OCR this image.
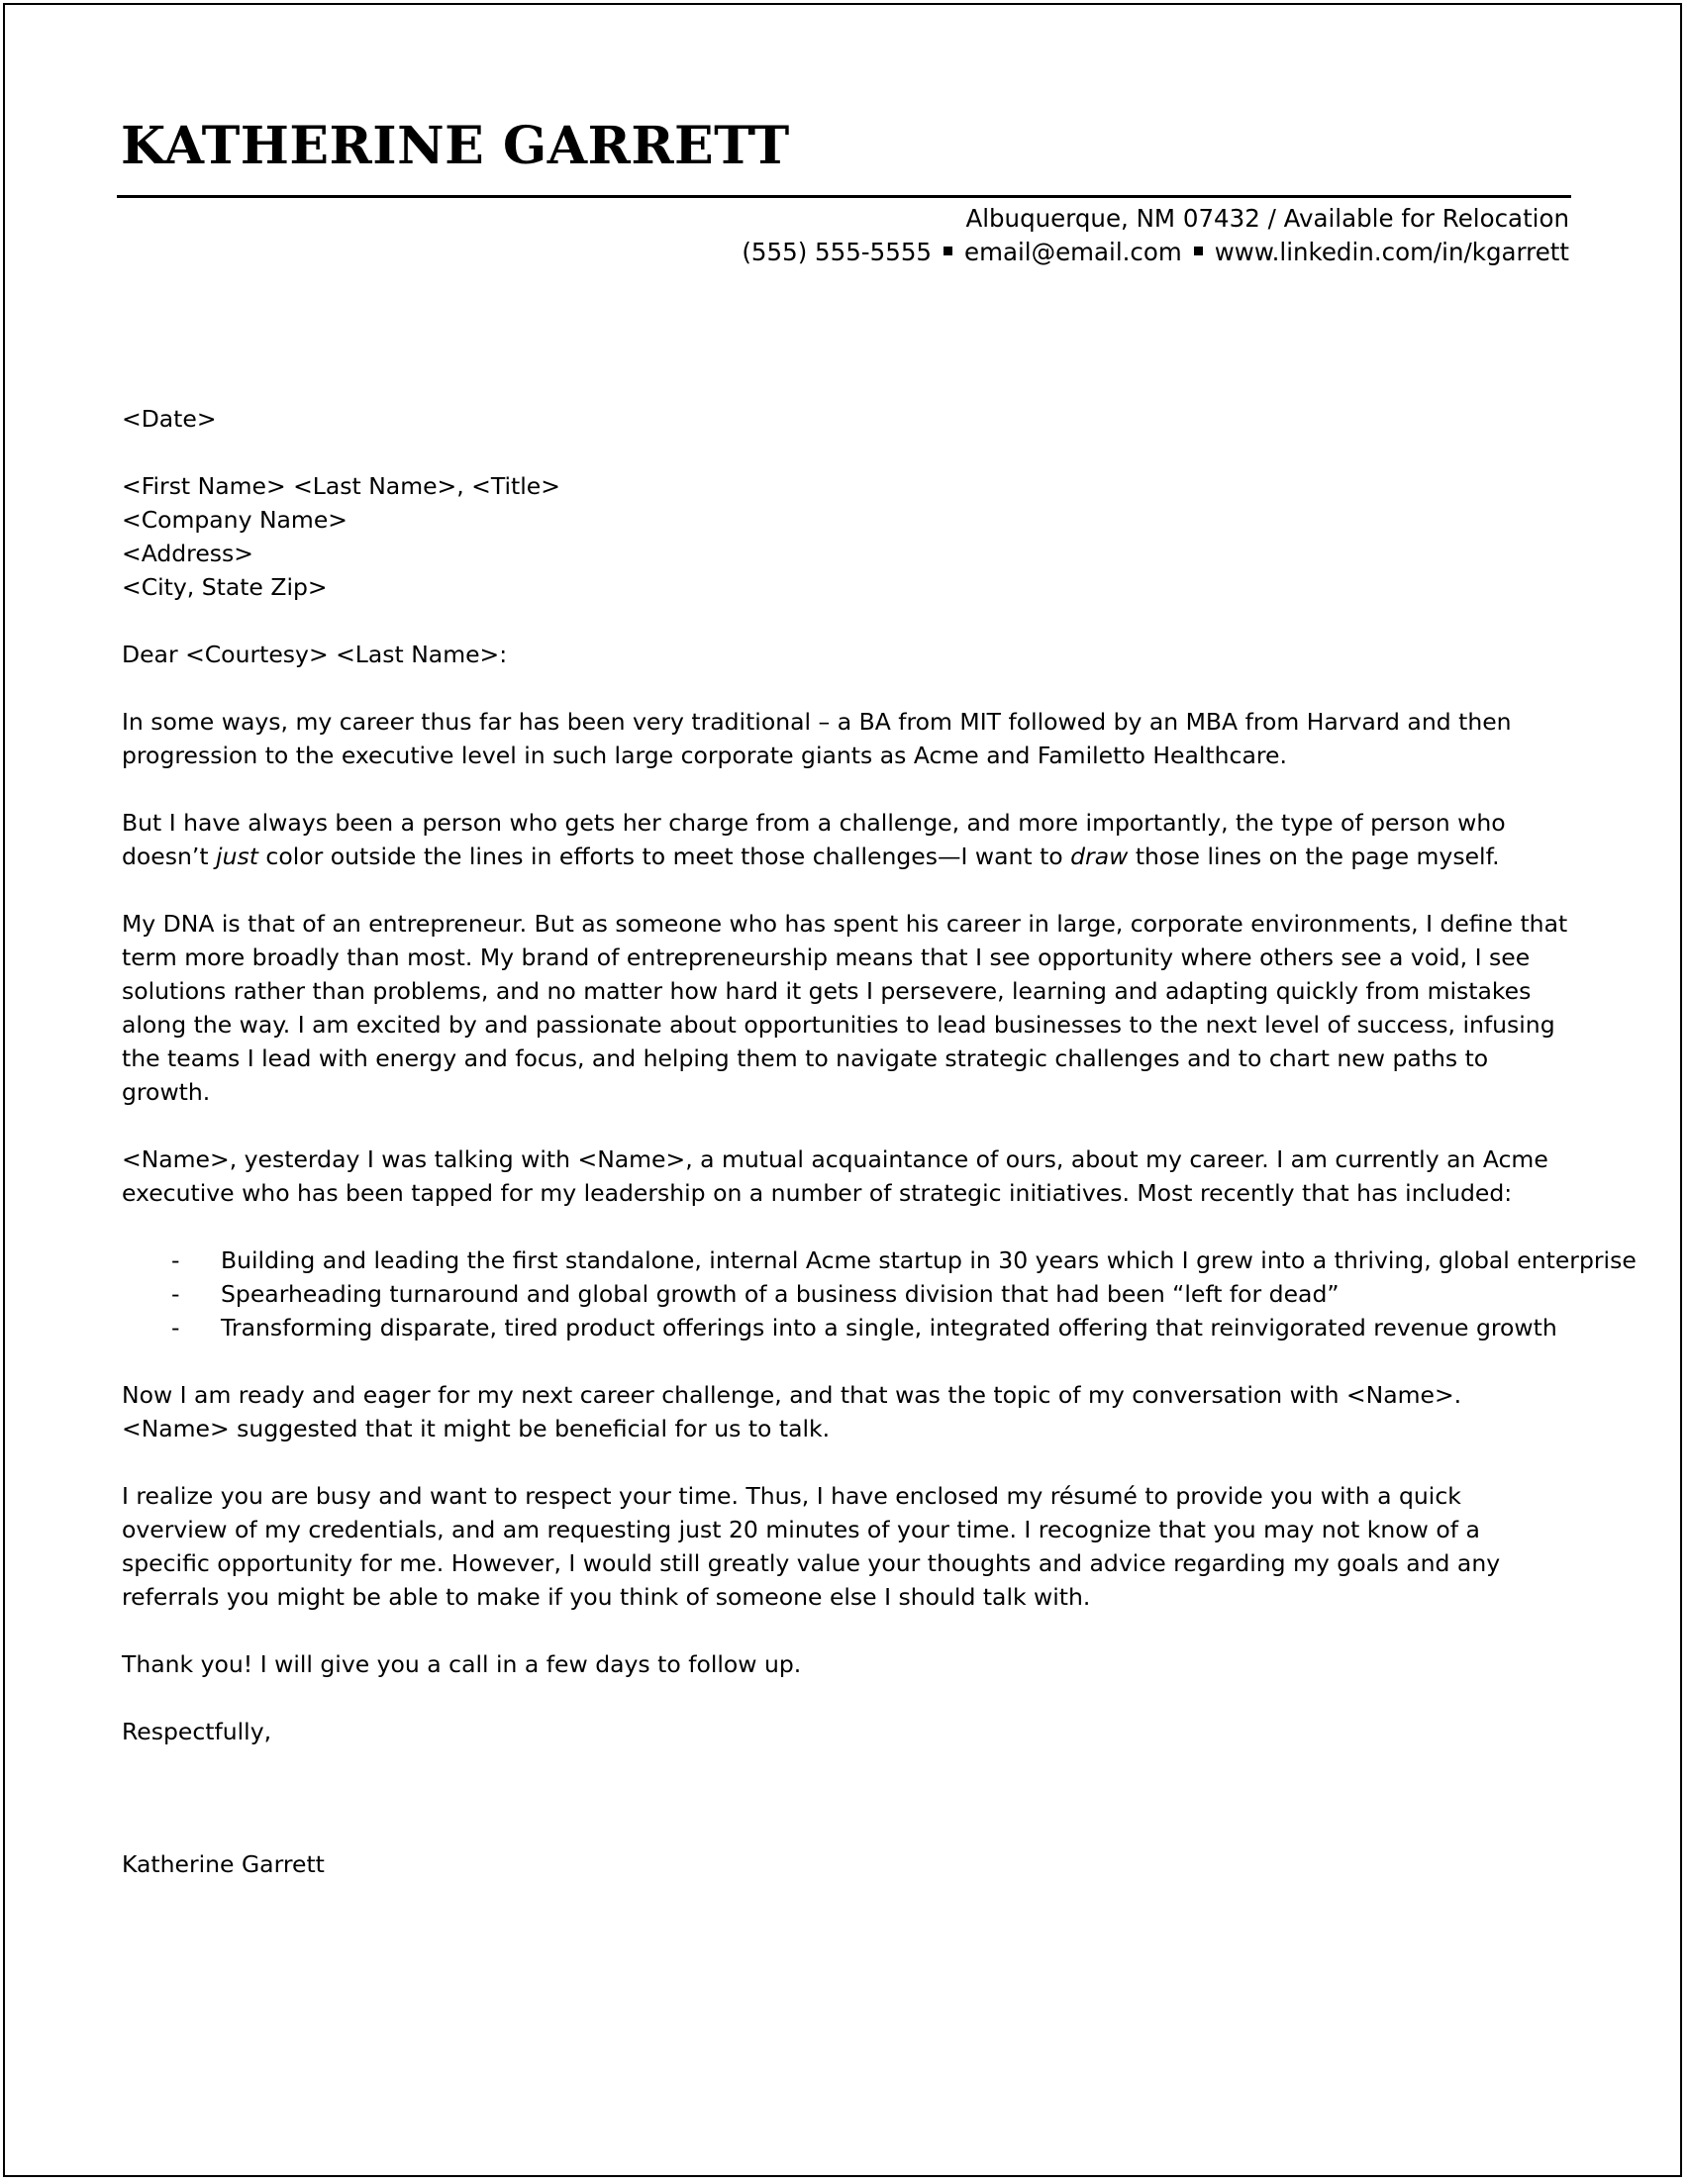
KATHERINE GARRETT
Albuquerque, NM 07432 / Available for Relocation
(555) 555-5555 email@email.com www.linkedin.com/in/kgarrett

<Date>

<First Name> <Last Name>, <Title>
<Company Name>
<Address>
<City, State Zip>

Dear <Courtesy> <Last Name>:

In some ways, my career thus far has been very traditional – a BA from MIT followed by an MBA from Harvard and then progression to the executive level in such large corporate giants as Acme and Familetto Healthcare.

But I have always been a person who gets her charge from a challenge, and more importantly, the type of person who doesn’t just color outside the lines in efforts to meet those challenges—I want to draw those lines on the page myself.

My DNA is that of an entrepreneur. But as someone who has spent his career in large, corporate environments, I define that term more broadly than most. My brand of entrepreneurship means that I see opportunity where others see a void, I see solutions rather than problems, and no matter how hard it gets I persevere, learning and adapting quickly from mistakes along the way. I am excited by and passionate about opportunities to lead businesses to the next level of success, infusing the teams I lead with energy and focus, and helping them to navigate strategic challenges and to chart new paths to growth.

<Name>, yesterday I was talking with <Name>, a mutual acquaintance of ours, about my career. I am currently an Acme executive who has been tapped for my leadership on a number of strategic initiatives. Most recently that has included:

- Building and leading the first standalone, internal Acme startup in 30 years which I grew into a thriving, global enterprise
- Spearheading turnaround and global growth of a business division that had been “left for dead”
- Transforming disparate, tired product offerings into a single, integrated offering that reinvigorated revenue growth

Now I am ready and eager for my next career challenge, and that was the topic of my conversation with <Name>. <Name> suggested that it might be beneficial for us to talk.

I realize you are busy and want to respect your time. Thus, I have enclosed my résumé to provide you with a quick overview of my credentials, and am requesting just 20 minutes of your time. I recognize that you may not know of a specific opportunity for me. However, I would still greatly value your thoughts and advice regarding my goals and any referrals you might be able to make if you think of someone else I should talk with.

Thank you! I will give you a call in a few days to follow up.

Respectfully,

Katherine Garrett
